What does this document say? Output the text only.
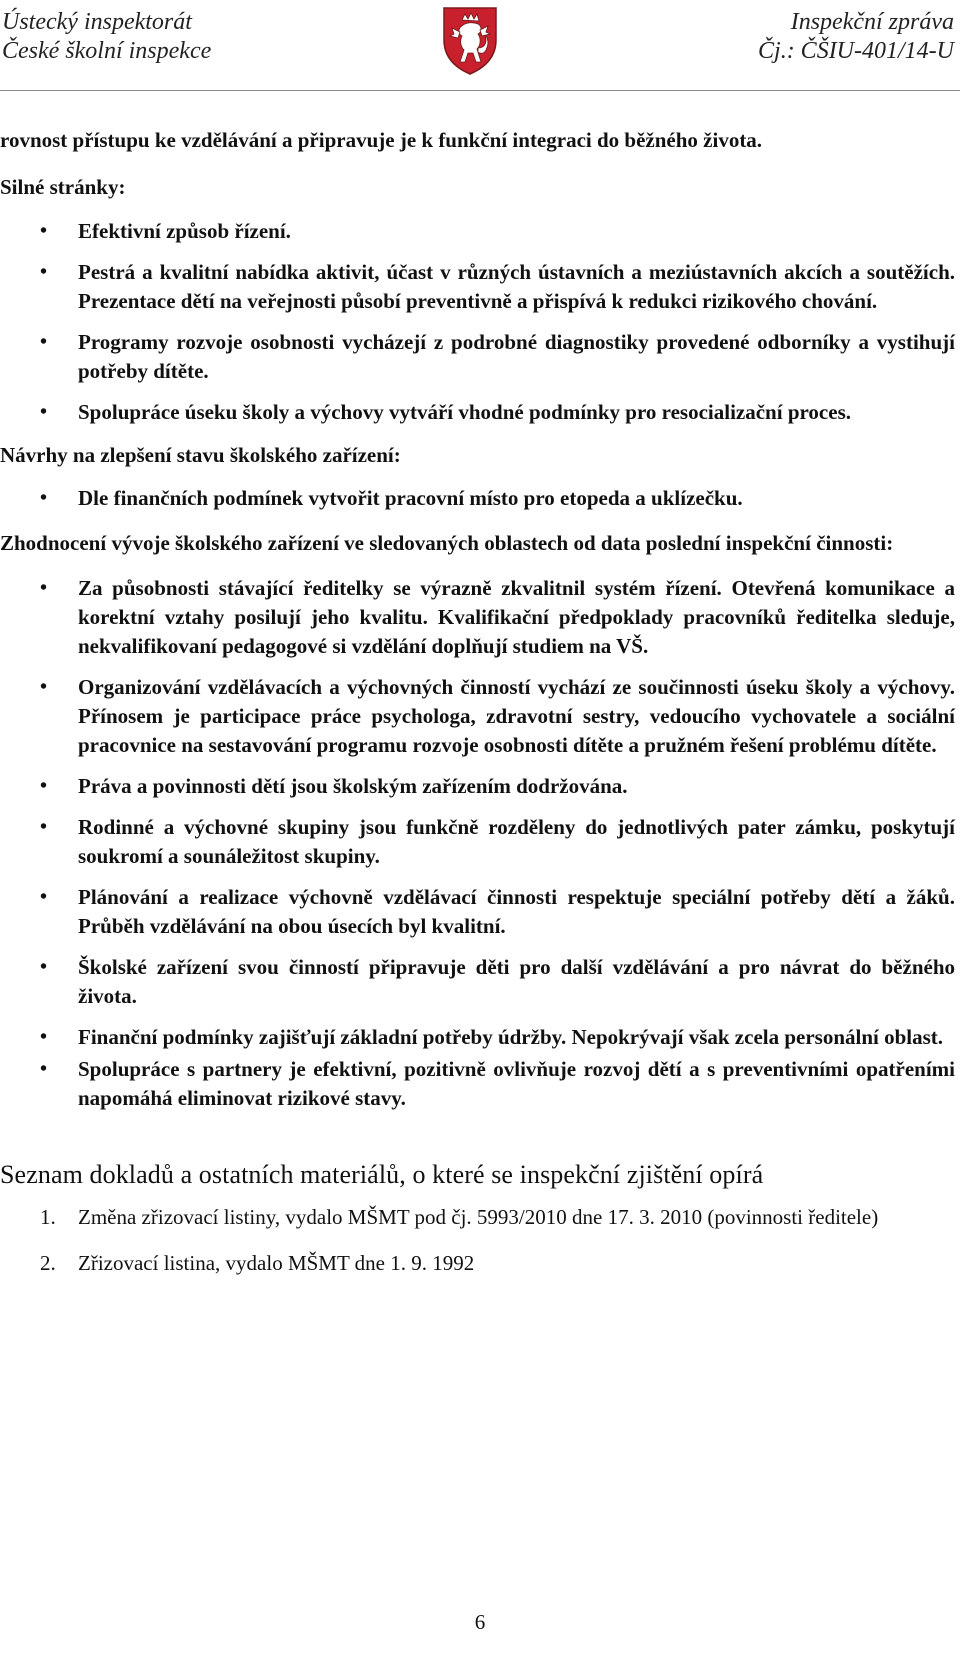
Ústecký inspektorát
České školní inspekce
Inspekční zpráva
Čj.: ČŠIU-401/14-U

rovnost přístupu ke vzdělávání a připravuje je k funkční integraci do běžného života.

Silné stránky:

• Efektivní způsob řízení.
• Pestrá a kvalitní nabídka aktivit, účast v různých ústavních a meziústavních akcích a soutěžích. Prezentace dětí na veřejnosti působí preventivně a přispívá k redukci rizikového chování.
• Programy rozvoje osobnosti vycházejí z podrobné diagnostiky provedené odborníky a vystihují potřeby dítěte.
• Spolupráce úseku školy a výchovy vytváří vhodné podmínky pro resocializační proces.

Návrhy na zlepšení stavu školského zařízení:

• Dle finančních podmínek vytvořit pracovní místo pro etopeda a uklízečku.

Zhodnocení vývoje školského zařízení ve sledovaných oblastech od data poslední inspekční činnosti:

• Za působnosti stávající ředitelky se výrazně zkvalitnil systém řízení. Otevřená komunikace a korektní vztahy posilují jeho kvalitu. Kvalifikační předpoklady pracovníků ředitelka sleduje, nekvalifikovaní pedagogové si vzdělání doplňují studiem na VŠ.
• Organizování vzdělávacích a výchovných činností vychází ze součinnosti úseku školy a výchovy. Přínosem je participace práce psychologa, zdravotní sestry, vedoucího vychovatele a sociální pracovnice na sestavování programu rozvoje osobnosti dítěte a pružném řešení problému dítěte.
• Práva a povinnosti dětí jsou školským zařízením dodržována.
• Rodinné a výchovné skupiny jsou funkčně rozděleny do jednotlivých pater zámku, poskytují soukromí a sounáležitost skupiny.
• Plánování a realizace výchovně vzdělávací činnosti respektuje speciální potřeby dětí a žáků. Průběh vzdělávání na obou úsecích byl kvalitní.
• Školské zařízení svou činností připravuje děti pro další vzdělávání a pro návrat do běžného života.
• Finanční podmínky zajišťují základní potřeby údržby. Nepokrývají však zcela personální oblast.
• Spolupráce s partnery je efektivní, pozitivně ovlivňuje rozvoj dětí a s preventivními opatřeními napomáhá eliminovat rizikové stavy.
Seznam dokladů a ostatních materiálů, o které se inspekční zjištění opírá
1. Změna zřizovací listiny, vydalo MŠMT pod čj. 5993/2010 dne 17. 3. 2010 (povinnosti ředitele)
2. Zřizovací listina, vydalo MŠMT dne 1. 9. 1992
6
